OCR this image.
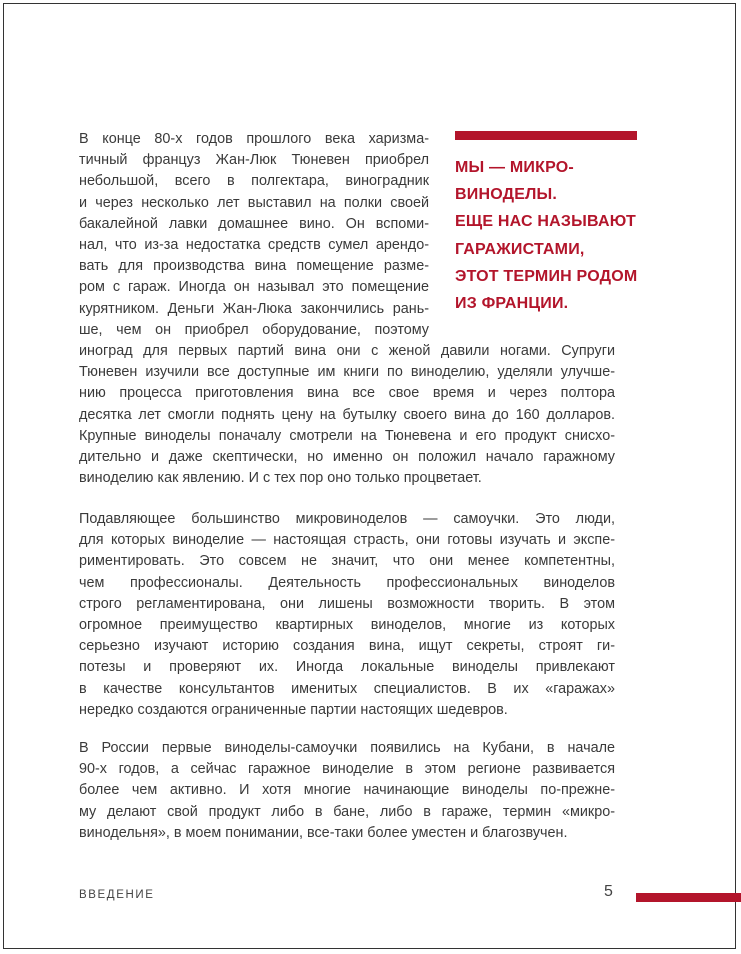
МЫ — МИКРО-
ВИНОДЕЛЫ.
ЕЩЕ НАС НАЗЫВАЮТ
ГАРАЖИСТАМИ,
ЭТОТ ТЕРМИН РОДОМ
ИЗ ФРАНЦИИ.
В конце 80-х годов прошлого века харизма-
тичный француз Жан-Люк Тюневен приобрел
небольшой, всего в полгектара, виноградник
и через несколько лет выставил на полки своей
бакалейной лавки домашнее вино. Он вспоми-
нал, что из-за недостатка средств сумел арендо-
вать для производства вина помещение разме-
ром с гараж. Иногда он называл это помещение
курятником. Деньги Жан-Люка закончились рань-
ше, чем он приобрел оборудование, поэтому
иноград для первых партий вина они с женой давили ногами. Супруги
Тюневен изучили все доступные им книги по виноделию, уделяли улучше-
нию процесса приготовления вина все свое время и через полтора
десятка лет смогли поднять цену на бутылку своего вина до 160 долларов.
Крупные виноделы поначалу смотрели на Тюневена и его продукт снисхо-
дительно и даже скептически, но именно он положил начало гаражному
виноделию как явлению. И с тех пор оно только процветает.
Подавляющее большинство микровиноделов — самоучки. Это люди,
для которых виноделие — настоящая страсть, они готовы изучать и экспе-
риментировать. Это совсем не значит, что они менее компетентны,
чем профессионалы. Деятельность профессиональных виноделов
строго регламентирована, они лишены возможности творить. В этом
огромное преимущество квартирных виноделов, многие из которых
серьезно изучают историю создания вина, ищут секреты, строят ги-
потезы и проверяют их. Иногда локальные виноделы привлекают
в качестве консультантов именитых специалистов. В их «гаражах»
нередко создаются ограниченные партии настоящих шедевров.
В России первые виноделы-самоучки появились на Кубани, в начале
90-х годов, а сейчас гаражное виноделие в этом регионе развивается
более чем активно. И хотя многие начинающие виноделы по-прежне-
му делают свой продукт либо в бане, либо в гараже, термин «микро-
винодельня», в моем понимании, все-таки более уместен и благозвучен.
ВВЕДЕНИЕ	5
